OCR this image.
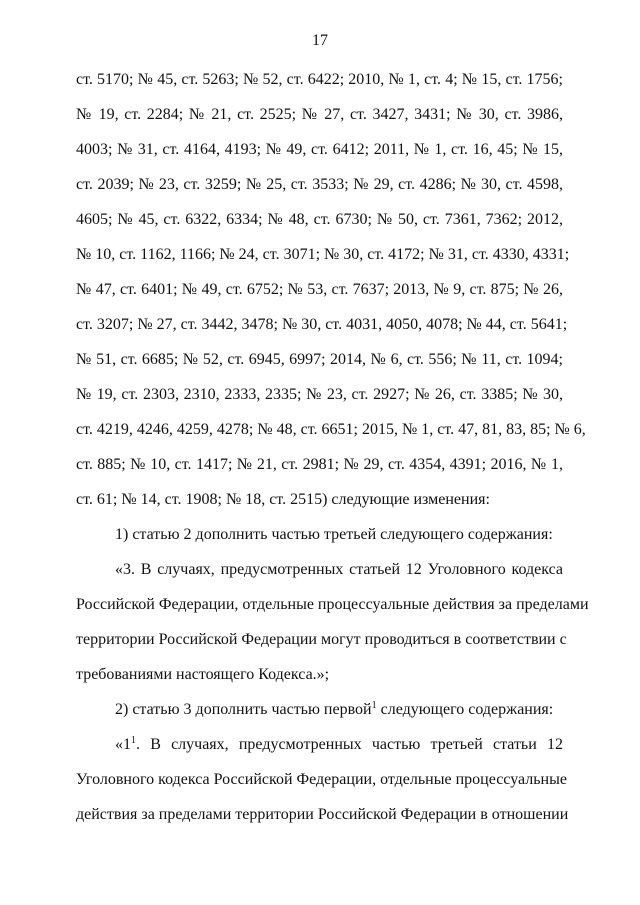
17
ст. 5170; № 45, ст. 5263; № 52, ст. 6422; 2010, № 1, ст. 4; № 15, ст. 1756;
№ 19, ст. 2284; № 21, ст. 2525; № 27, ст. 3427, 3431; № 30, ст. 3986,
4003; № 31, ст. 4164, 4193; № 49, ст. 6412; 2011, № 1, ст. 16, 45; № 15,
ст. 2039; № 23, ст. 3259; № 25, ст. 3533; № 29, ст. 4286; № 30, ст. 4598,
4605; № 45, ст. 6322, 6334; № 48, ст. 6730; № 50, ст. 7361, 7362; 2012,
№ 10, ст. 1162, 1166; № 24, ст. 3071; № 30, ст. 4172; № 31, ст. 4330, 4331;
№ 47, ст. 6401; № 49, ст. 6752; № 53, ст. 7637; 2013, № 9, ст. 875; № 26,
ст. 3207; № 27, ст. 3442, 3478; № 30, ст. 4031, 4050, 4078; № 44, ст. 5641;
№ 51, ст. 6685; № 52, ст. 6945, 6997; 2014, № 6, ст. 556; № 11, ст. 1094;
№ 19, ст. 2303, 2310, 2333, 2335; № 23, ст. 2927; № 26, ст. 3385; № 30,
ст. 4219, 4246, 4259, 4278; № 48, ст. 6651; 2015, № 1, ст. 47, 81, 83, 85; № 6,
ст. 885; № 10, ст. 1417; № 21, ст. 2981; № 29, ст. 4354, 4391; 2016, № 1,
ст. 61; № 14, ст. 1908; № 18, ст. 2515) следующие изменения:
1) статью 2 дополнить частью третьей следующего содержания:
«3. В случаях, предусмотренных статьей 12 Уголовного кодекса
Российской Федерации, отдельные процессуальные действия за пределами
территории Российской Федерации могут проводиться в соответствии с
требованиями настоящего Кодекса.»;
2) статью 3 дополнить частью первой$^1$ следующего содержания:
«$1^1$. В случаях, предусмотренных частью третьей статьи 12
Уголовного кодекса Российской Федерации, отдельные процессуальные
действия за пределами территории Российской Федерации в отношении
